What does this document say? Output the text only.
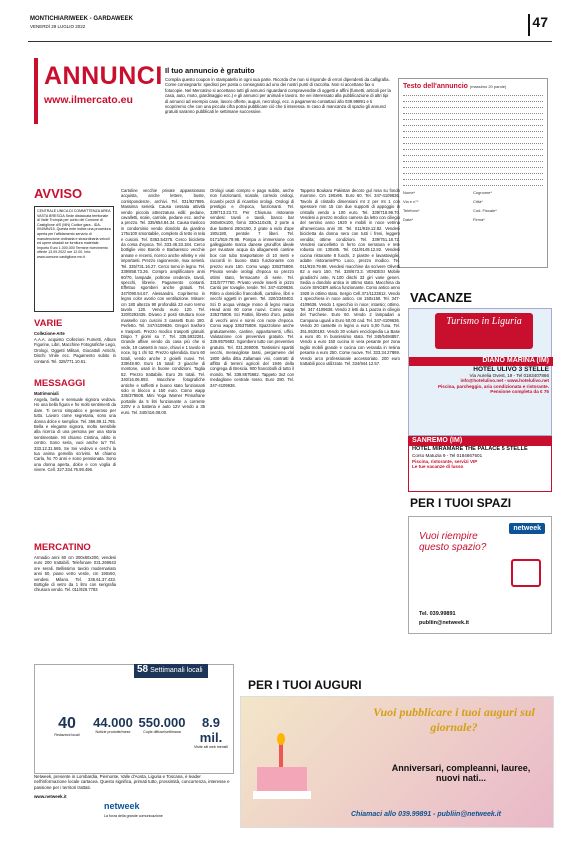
MONTICHIARIWEEK - GARDAWEEK
VENERDÌ 29 LUGLIO 2022	47
ANNUNCI
www.ilmercato.eu
Il tuo annuncio è gratuito

Compila questo coupon in stampatello in ogni sua parte. Ricorda che non si risponde di errori dipendenti da calligrafia. Come consegnarlo: spedisci per posta o consegnalo ad uno dei nostri punti di raccolta. Non si accettano fax o fotocopie. Nel Mercatino si accettano tutti gli annunci riguardanti compravendite di oggetti e affini (fumetti, articoli per la casa, auto, moto, giardinaggio ecc.) e gli annunci per animali e lavoro. Se vei interessato alla pubblicazione di altri tipi di annunci ad esempio case, lavoro offerte, auguri, necrologi, ecc. a pagamento contattaci allo 039.99891 e ti scopriremo che con una piccola cifra potrai pubblicare ciò che ti interessa. In caso di mancanza di spazio gli annunci gratuiti saranno pubblicati le settimane successive.

Testo dell'annuncio (massimo 20 parole)
Nome*	Cognome*
Via e n°*	Città*
Telefono*	Cod. Fiscale*
Data*	Firma*
AVVISO
CENTRALE UNICA DI COMMITTENZA AREA VASTA BRESCIA Sede distaccata territoriale di Valle Trompia per conto del Comune di Castiglione d/S (MN) Codice gara - IDA-004/MN/15. Questa ente indice una procedura aperta per l'affidamento servizio di manutenzione ordinaria e straordinaria veicoli ed opere stradali se fornitura materiale. Importo Euro 1.000.000 Termine ricevimento offerte 13.09.2022 ore 12.00. Info: www.comune.castiglione.mn.it
VARIE
Collezione-Arte
A.A.A. acquisto Collezioni Fumetti, Album Figurine, Libri, Macchine Fotografiche Lego, Orologi, Oggetti Militari, Giocattoli Antichi, Dischi Vinile ecc. Pagamento subito in contanti. Tel. 328/771.10.61.
MESSAGGI
Matrimoniali
Angela, bella e sensuale signora vedova. Ho una bella figura e ho molti sentimenti da dare. Ti cerco simpatico e generoso per tutto. Lavoro come segretaria, sono una donna dolce e semplice. Tel. 366.89.11.765. Bella e elegante signora, molto sensibile alla ricerca di una persona per una storia sentimentale. Mi chiamo Cristina, abito in centro. Sono seria, vuoi anche tu? Tel. 333.12.31.565. Se Sei vedovo e cerchi la tua anima gemella scrivimi. Mi chiamo Carla, ho 70 anni e sono pensionata. Sono una donna aperta, dolce e con voglia di vivere. Cell. 327.334.76.98.496.
MERCATINO
Armadio anni 60 cm 300x60x200, vendesi euro 200 trattabili. Telefonare 031.269643 ore serali. Bellissimo tavolo modernariato anni 50, piano vetro verde, cm 190x50, vendesi. Milano. Tel. 335.61.37.433. Bottiglie di vetro da 1 litro con serigrafia chiusura vendo. Tel. 011/929.7783
Cartoline vecchie private appassionato acquista, anche lettere, buste, corrispondenze, archivi. Tel. 031/927895. Massima serietà. Causa cessata attività vendo piccola attrezzatura edili: pedane, cavalletti, scale, carriole, pedane ecc. anche a prezzo. Tel. 335/654.84.34. Causa trasloco in condominio vendo dondolo da giardino 175x100 smontabile, completo di tetto in tela e cuscini. Tel. 0363.54375. Cerco biciclette da corsa d'epoca. Tel. 333.46.33.184. Cerco bottiglie vino Barolo e Barbaresco vecchie annate e recenti, ricerco anche whisky e vini importanti. Prezzo ragionevole, max serietà. Tel. 335/731.16.27. Cerco tomo in legno. Tel. 339/858.73.26. Compro amplificatore anni 60/70, lampade, poltrone credenze, tavoli, specchi, librerie. Pagamento contanti. Effettuo sgomberi anche gratuiti. Tel. 347/090.54.67. Alessandro. Copritermo in legno color avorio con ventilazione. Misure: cm 180 altezza 90 profondità 23 euro termo tavolo 120. Vendo euro 120. Tel. 320/0293435. Divano 2 posti struttura noce massello con cuscini 3 cassetti Euro 180. Perfetto. Tel. 347/4109636. Gregori trasforo e trasporti. Prezzo modico trasporti gratuiti. Dispo 7 giorni su 7. Tel. 335.5932261. Grande affare vendo da casa più che si vede, 19 cassetti in noce, chiavi e 1 tavolo in noce, tig 1 chi 52. Prezzo splendida. Euro 60 totali, vendo anche 2 gioielli nuovi. Tel. 339/48.90. Euro 15 totali: 3 giacche di montone, usati in buone condizioni. Taglia 52. Prezzo trattabile. Euro 25 totali. Tel. 340/16.06.893. Macchine fotografiche antiche e soffietti e buono stato funzionanti solo in blocco a 150 euro. Como wapp 335/379508. Mini Yoga Warner Pinnafrane portatile da 5 litri funzionante a corrente 220V e a batteria e auto 12V vendo a 35 euro. Tel. 340/416.08.00.
Orologi usati compro e pago subito, anche non funzionanti, scatole, corredo orologi, ricambi pezzi di ricambio orologi. Orologi di prestigio e d'epoca, funzionanti. Tel. 339/713.23.73. Per Chiusura ristorante vendesi: tavoli e tavoli, banco bar 260x60x100, forno 330x110x35, 2 porte a due battenti 260x150, 2 grate a nido d'ape 180x180, pentole 7 liberi. Tel. 0171/919.79.98. Pompa a immersione con galleggiante marca danese grundfos ideale per svuotare acqua da allagamenti cantine box con tubo trasportatore di 10 metri e raccordi in buono stato funzionante con prezzo euro 150. Como wapp 335375808. Privato vende orologi d'epoca so prezzo ottimi stato, fermacarte di serie. Tel. 331/5777760. Privato vende inserti in pizzo Cantù per tovaglie, tende. Tel. 347-4109636. Ritiro a domicilio francobolli, cartoline, libri e vecchi oggetti in genere. Tel. 320/2348403. Sci D acqua vintage mono di legno marca Head anni 60 come nuovi. Como wapp 335375808. Sci Pattini, libretto d'oro, pattini di vecchi anni e nonni con ruote d'epoca. Como wapp 335375808. Spazzolone anche gratuitamente, cantine, appartamenti, uffici. Valutazione con preventivo gratuito. Tel. 339.8575682. Sgombero tutto con preventivo gratuito. Tel. 031.269008. Tantissimi spartiti vecchi, meravigliose tassi, pergamene del 1800 della ditta Zallamani vini, contratti di affitto di terreni agricoli del 1946 della congrega di Brescia. 900 francobolli di tutto il mondo. Tel. 339.8575682. Tappeto 3x2 con medaglione centrale rosso. Euro 280. Tel. 347-4109636.
Tappeto Boukara Pakistan decoro gul rosa su fondo marrone. Cm 190x95. Euro 60. Tel. 347-4109636. Tavolo di cristallo dimensioni mt 2 per mt 1 con spessore mm 15 con due supporti di appoggio in cristallo vendo a 100 euro. Tel. 339/718.99.70. Vendesi a prezzo modico camera da letto con ciliegio del nentino anno 1920 e mobili in noce vetrina all'americana anni 30. Tel. 011/919.12.82. Vendesi bicicletta da donna nera con tutti i freni, leggero vendita; ottime condizioni. Tel. 339/751.18.72. Vendesi cancelletto in ferro con serratura e rete robusta cm 130x85. Tel. 011/9149.12.82. Vendesi cucina ristorante 8 fuochi, 2 piastre e lavastoviglie, adatte ristorante/Pro Loco, prezzo modico. Tel. 011/919.79.98. Vendesi macchine da scrivere Olivetti 82 a euro 150. Tel. 328/673.3. VENDESI Mobile giradischi ante, N.100 dischi 33 giri varie generi. Sedia a dondolo antica in ottimo stato. Macchina da cucire SINGER antica funzionante. Como antico anno 1928 in ottimo stato. Sergio Cell.371/1123812. Vendo 1 specchiera in noce antico. cm 150x150. Tel. 347-4109636. Vendo 1 specchio in noce; intarsio; ottimo. Tel. 347 4109636. Vendo 2 letti da 1 piazza in ciliegio del Turchese. Euro 60. Vendo 2 lampadari a Campana uguali a Euro 50,00 cad. Tel. 347-4109636. Vendo 20 cassette in legno a euro 5,00 l'una. Tel. 351.8630193. Vendo 30 volumi enciclopedia La Base a euro 40. In buonissimo stato. Tel 345/5494857. Vendo a euro 150 cucina in vera pesante per zona taglio mobili grande e cucina con veranda in resina pesante a euro 250. Come nuove. Tel. 333.34.27869. Vendo arco professionale accessoriato. 200 euro trattabili poco utilizzato. Tel. 334/944.12.57.
VACANZE
Turismo in Liguria
DIANO MARINA (IM)
HOTEL ULIVO 3 STELLE
Via Aurelia Ovest, 19 - Tel 0183407866
info@hotelulivo.net - www.hotelulivo.net
Piscina, parcheggio, aria condizionata e ristorante.
Pensione completa da € 75
SANREMO (IM)
HOTEL MIRAMARE THE PALACE 5 STELLE
Corso Matuzia 9 - Tel 0184667601
Piscina, ristorante, servizi VIP
Le tue vacanze di lusso
PER I TUOI SPAZI
Vuoi riempire questo spazio?
netweek
Tel. 039.99891
publiin@netweek.it
PER I TUOI AUGURI
Vuoi pubblicare i tuoi auguri sul giornale?
Anniversari, compleanni, lauree, nuovi nati...
Chiamaci allo 039.99891 - publiin@netweek.it
40
Redazioni locali
44.000
Notizie prodotte/mese
550.000
Copie diffuse/settimana
8.9 mil.
Visite siti web mensili
58 Settimanali locali
Netweek, presente in Lombardia, Piemonte, Valle d'Aosta, Liguria e Toscana, è leader nell'informazione locale cartacea. Questo significa, primati tutto, prossimità, concorrenza, interesse e passione per i territori trattati.
www.netweek.it
netweek
La forza della grande comunicazione
